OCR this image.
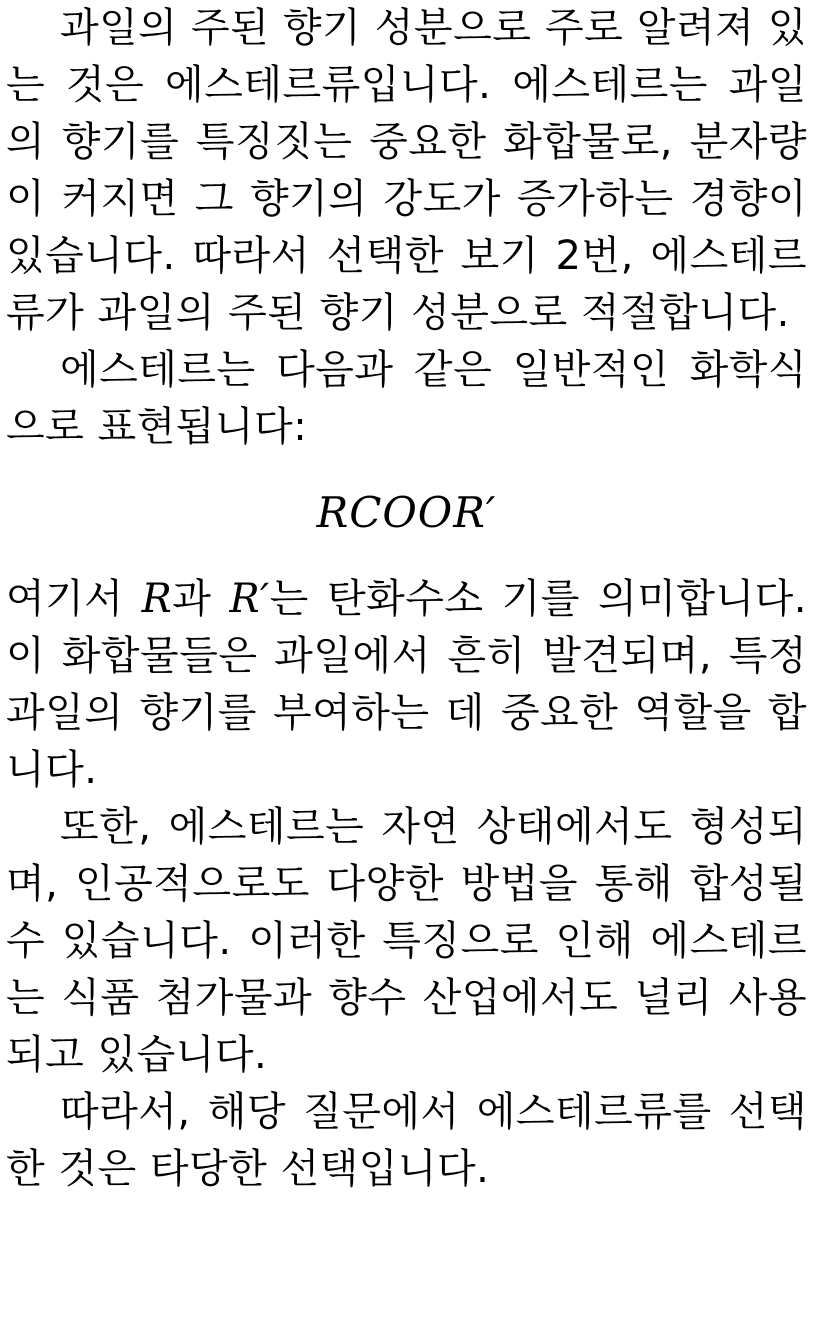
과일의 주된 향기 성분으로 주로 알려져 있는 것은 에스테르류입니다. 에스테르는 과일의 향기를 특징짓는 중요한 화합물로, 분자량이 커지면 그 향기의 강도가 증가하는 경향이 있습니다. 따라서 선택한 보기 2번, 에스테르류가 과일의 주된 향기 성분으로 적절합니다.

에스테르는 다음과 같은 일반적인 화학식으로 표현됩니다:

RCOOR′

여기서 R과 R′는 탄화수소 기를 의미합니다. 이 화합물들은 과일에서 흔히 발견되며, 특정 과일의 향기를 부여하는 데 중요한 역할을 합니다.

또한, 에스테르는 자연 상태에서도 형성되며, 인공적으로도 다양한 방법을 통해 합성될 수 있습니다. 이러한 특징으로 인해 에스테르는 식품 첨가물과 향수 산업에서도 널리 사용되고 있습니다.

따라서, 해당 질문에서 에스테르류를 선택한 것은 타당한 선택입니다.
